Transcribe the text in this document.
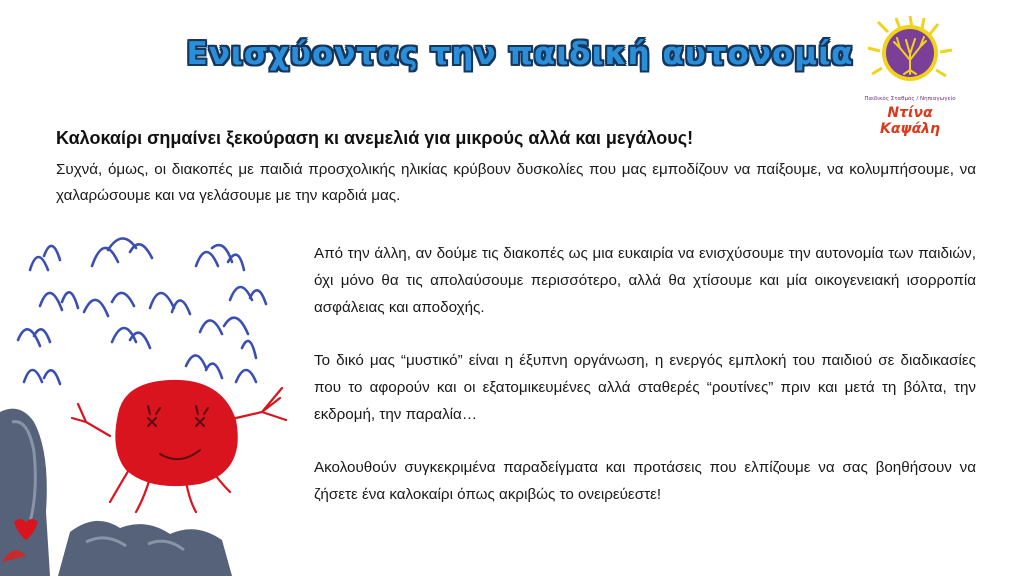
Ενισχύοντας την παιδική αυτονομία
Παιδικός Σταθμός / Νηπιαγωγείο
Ντίνα Καψάλη
Καλοκαίρι σημαίνει ξεκούραση κι ανεμελιά για μικρούς αλλά και μεγάλους!
Συχνά, όμως, οι διακοπές με παιδιά προσχολικής ηλικίας κρύβουν δυσκολίες που μας εμποδίζουν να παίξουμε, να κολυμπήσουμε, να χαλαρώσουμε και να γελάσουμε με την καρδιά μας.

Από την άλλη, αν δούμε τις διακοπές ως μια ευκαιρία να ενισχύσουμε την αυτονομία των παιδιών, όχι μόνο θα τις απολαύσουμε περισσότερο, αλλά θα χτίσουμε και μία οικογενειακή ισορροπία ασφάλειας και αποδοχής.

Το δικό μας “μυστικό” είναι η έξυπνη οργάνωση, η ενεργός εμπλοκή του παιδιού σε διαδικασίες που το αφορούν και οι εξατομικευμένες αλλά σταθερές “ρουτίνες” πριν και μετά τη βόλτα, την εκδρομή, την παραλία…

Ακολουθούν συγκεκριμένα παραδείγματα και προτάσεις που ελπίζουμε να σας βοηθήσουν να ζήσετε ένα καλοκαίρι όπως ακριβώς το ονειρεύεστε!
